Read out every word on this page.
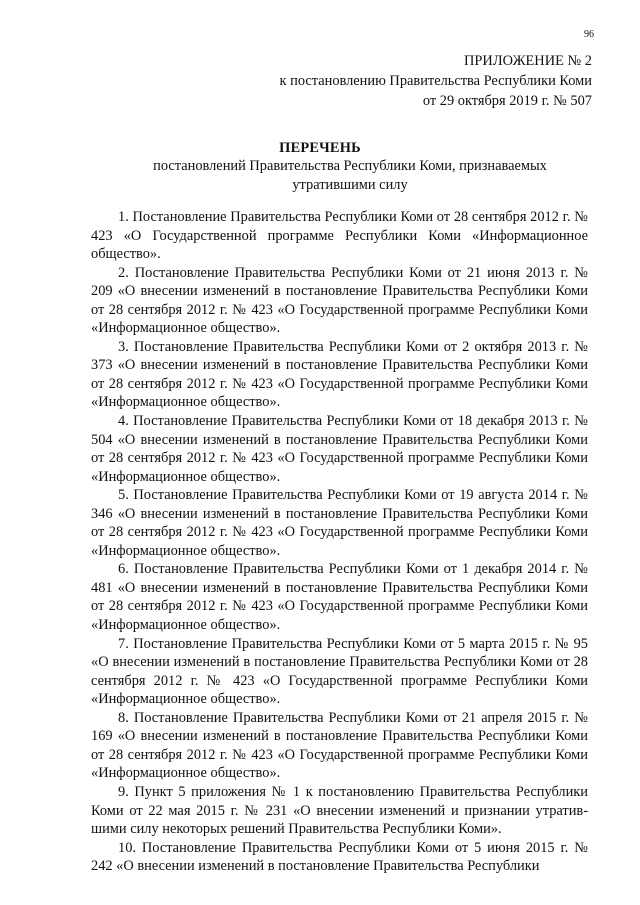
96
ПРИЛОЖЕНИЕ № 2
к постановлению Правительства Республики Коми
от 29 октября 2019 г. № 507
ПЕРЕЧЕНЬ
постановлений Правительства Республики Коми, признаваемых утратившими силу

1. Постановление Правительства Республики Коми от 28 сентября 2012 г. № 423 «О Государственной программе Республики Коми «Информационное общество».

2. Постановление Правительства Республики Коми от 21 июня 2013 г. № 209 «О внесении изменений в постановление Правительства Республики Коми от 28 сентября 2012 г. № 423 «О Государственной программе Республики Коми «Информационное общество».

3. Постановление Правительства Республики Коми от 2 октября 2013 г. № 373 «О внесении изменений в постановление Правительства Республики Коми от 28 сентября 2012 г. № 423 «О Государственной программе Республики Коми «Информационное общество».

4. Постановление Правительства Республики Коми от 18 декабря 2013 г. № 504 «О внесении изменений в постановление Правительства Республики Коми от 28 сентября 2012 г. № 423 «О Государственной программе Республики Коми «Информационное общество».

5. Постановление Правительства Республики Коми от 19 августа 2014 г. № 346 «О внесении изменений в постановление Правительства Республики Коми от 28 сентября 2012 г. № 423 «О Государственной программе Республики Коми «Информационное общество».

6. Постановление Правительства Республики Коми от 1 декабря 2014 г. № 481 «О внесении изменений в постановление Правительства Республики Коми от 28 сентября 2012 г. № 423 «О Государственной программе Республики Коми «Информационное общество».

7. Постановление Правительства Республики Коми от 5 марта 2015 г. № 95 «О внесении изменений в постановление Правительства Республики Коми от 28 сентября 2012 г. № 423 «О Государственной программе Республики Коми «Информационное общество».

8. Постановление Правительства Республики Коми от 21 апреля 2015 г. № 169 «О внесении изменений в постановление Правительства Республики Коми от 28 сентября 2012 г. № 423 «О Государственной программе Республики Коми «Информационное общество».

9. Пункт 5 приложения № 1 к постановлению Правительства Республики Коми от 22 мая 2015 г. № 231 «О внесении изменений и признании утратившими силу некоторых решений Правительства Республики Коми».

10. Постановление Правительства Республики Коми от 5 июня 2015 г. № 242 «О внесении изменений в постановление Правительства Республики
